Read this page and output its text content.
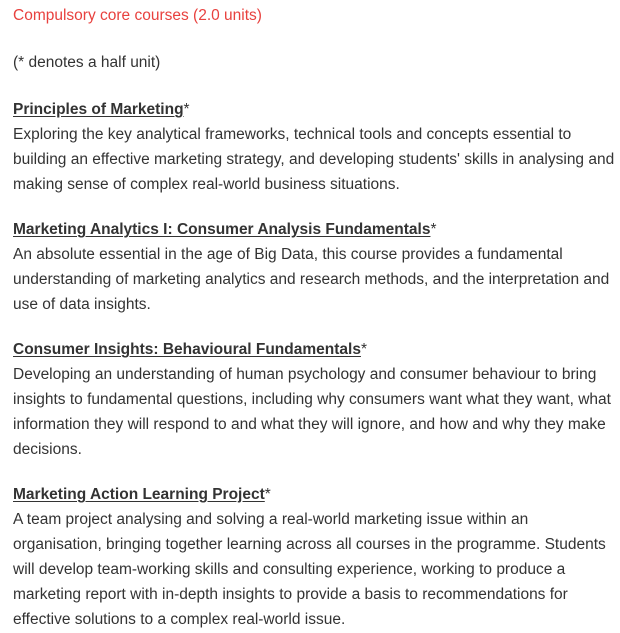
Compulsory core courses (2.0 units)

(* denotes a half unit)

Principles of Marketing*

Exploring the key analytical frameworks, technical tools and concepts essential to building an effective marketing strategy, and developing students' skills in analysing and making sense of complex real-world business situations.

Marketing Analytics I: Consumer Analysis Fundamentals*

An absolute essential in the age of Big Data, this course provides a fundamental understanding of marketing analytics and research methods, and the interpretation and use of data insights.

Consumer Insights: Behavioural Fundamentals*

Developing an understanding of human psychology and consumer behaviour to bring insights to fundamental questions, including why consumers want what they want, what information they will respond to and what they will ignore, and how and why they make decisions.

Marketing Action Learning Project*

A team project analysing and solving a real-world marketing issue within an organisation, bringing together learning across all courses in the programme. Students will develop team-working skills and consulting experience, working to produce a marketing report with in-depth insights to provide a basis to recommendations for effective solutions to a complex real-world issue.
